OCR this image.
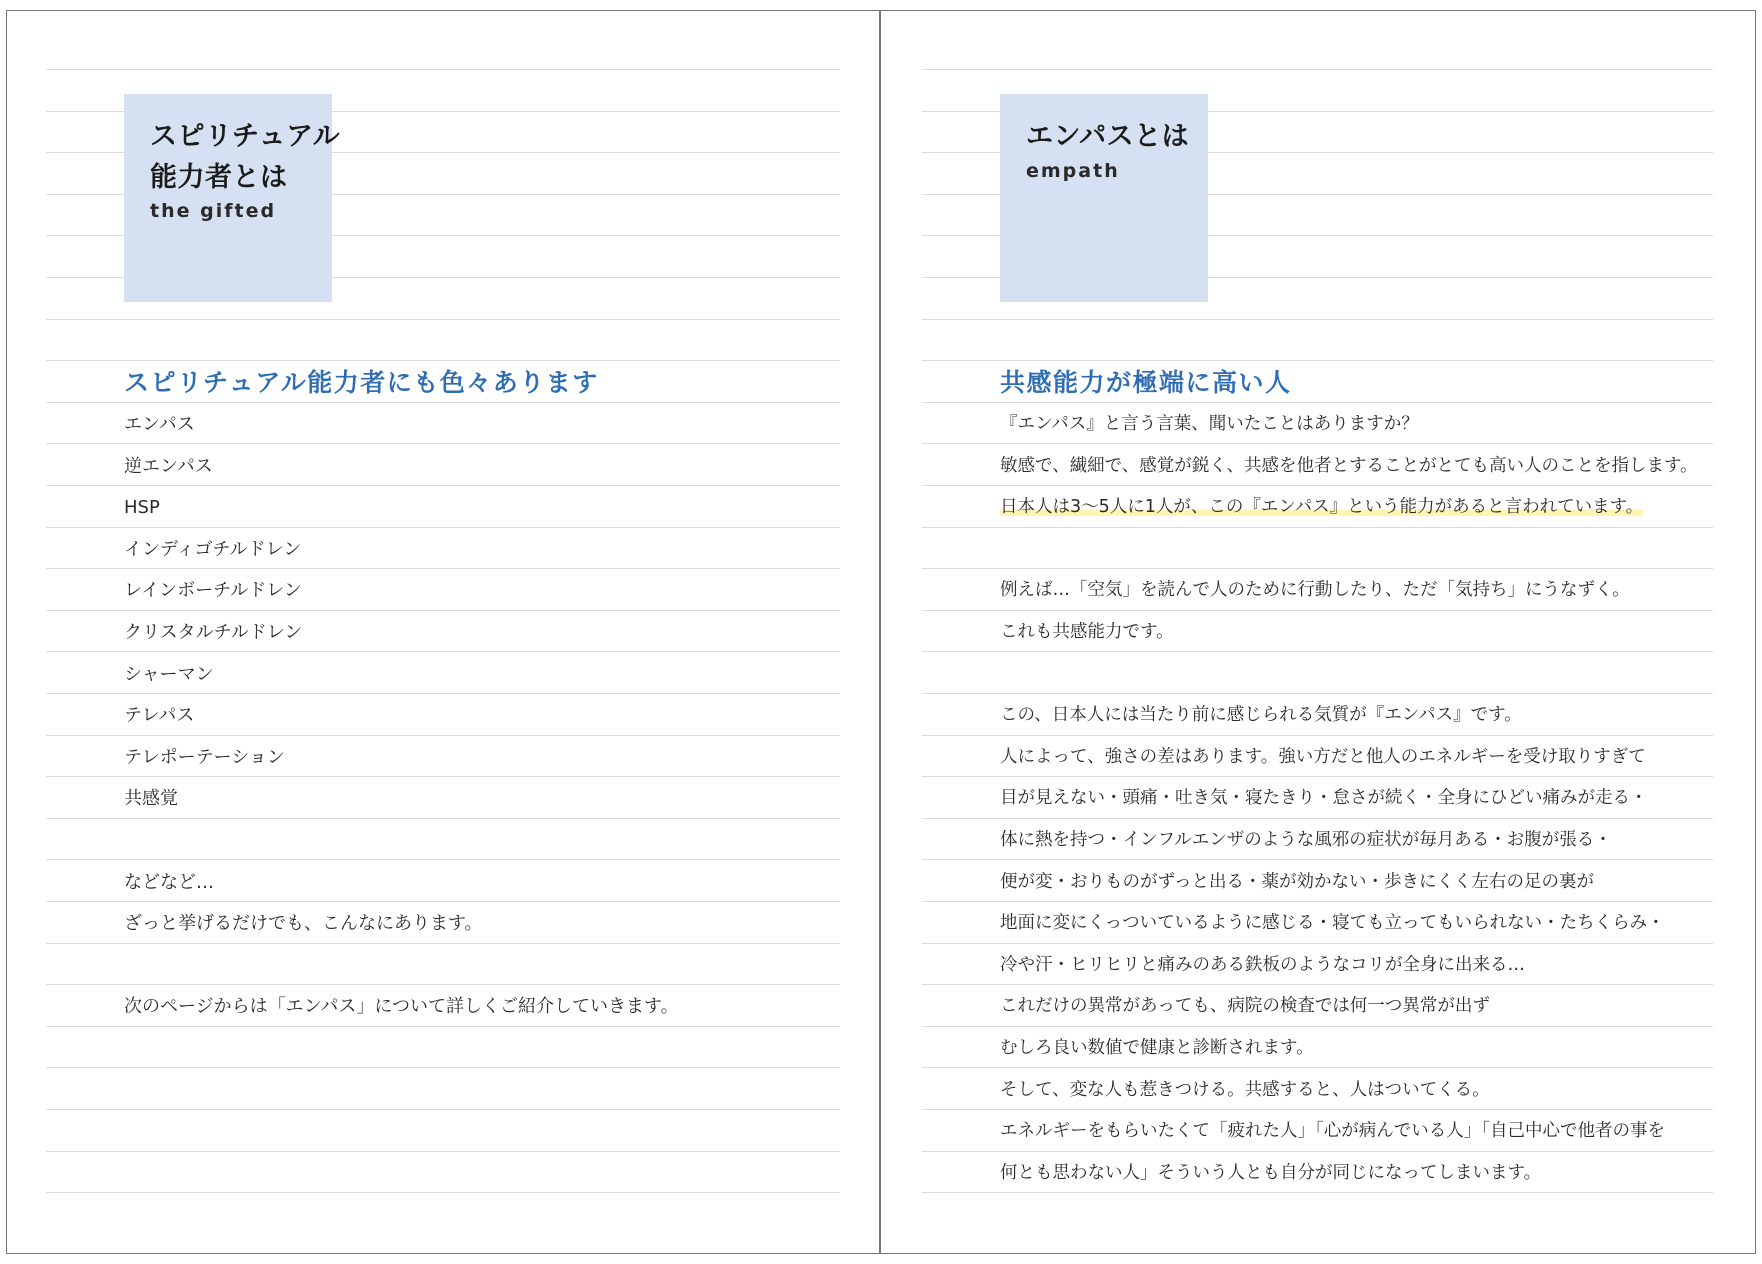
スピリチュアル
能力者とは
the gifted
スピリチュアル能力者にも色々あります
エンパス
逆エンパス
HSP
インディゴチルドレン
レインボーチルドレン
クリスタルチルドレン
シャーマン
テレパス
テレポーテーション
共感覚
などなど…
ざっと挙げるだけでも、こんなにあります。
次のページからは「エンパス」について詳しくご紹介していきます。
エンパスとは
empath
共感能力が極端に高い人
『エンパス』と言う言葉、聞いたことはありますか？
敏感で、繊細で、感覚が鋭く、共感を他者とすることがとても高い人のことを指します。
日本人は3〜5人に1人が、この『エンパス』という能力があると言われています。
例えば…「空気」を読んで人のために行動したり、ただ「気持ち」にうなずく。
これも共感能力です。
この、日本人には当たり前に感じられる気質が『エンパス』です。
人によって、強さの差はあります。強い方だと他人のエネルギーを受け取りすぎて
目が見えない・頭痛・吐き気・寝たきり・怠さが続く・全身にひどい痛みが走る・
体に熱を持つ・インフルエンザのような風邪の症状が毎月ある・お腹が張る・
便が変・おりものがずっと出る・薬が効かない・歩きにくく左右の足の裏が
地面に変にくっついているように感じる・寝ても立ってもいられない・たちくらみ・
冷や汗・ヒリヒリと痛みのある鉄板のようなコリが全身に出来る…
これだけの異常があっても、病院の検査では何一つ異常が出ず
むしろ良い数値で健康と診断されます。
そして、変な人も惹きつける。共感すると、人はついてくる。
エネルギーをもらいたくて「疲れた人」「心が病んでいる人」「自己中心で他者の事を
何とも思わない人」そういう人とも自分が同じになってしまいます。
